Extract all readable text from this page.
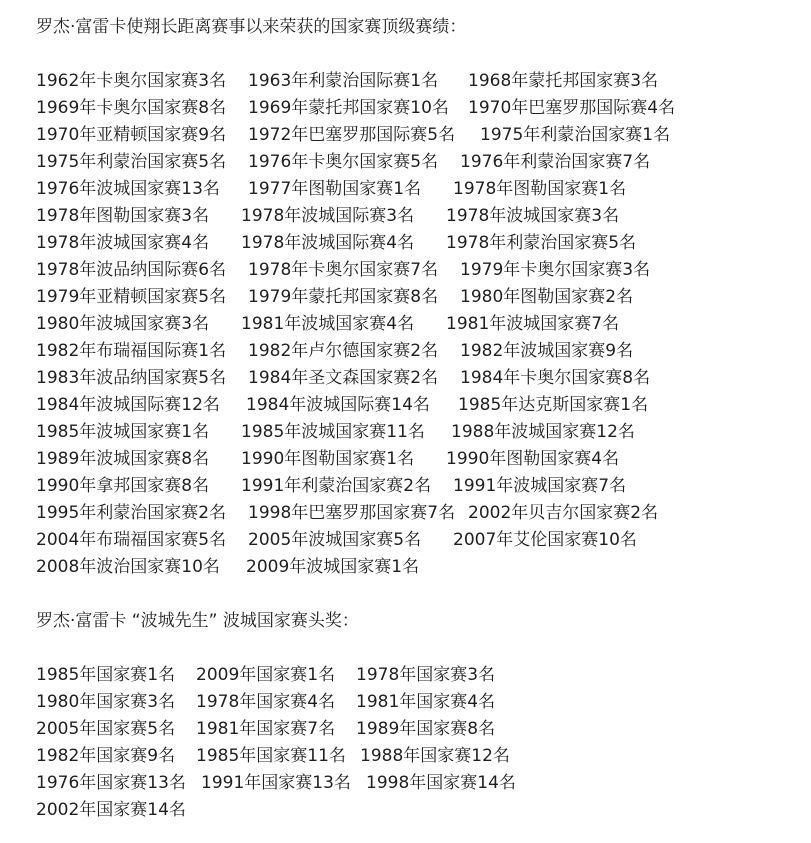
罗杰·富雷卡使翔长距离赛事以来荣获的国家赛顶级赛绩：
1962年卡奥尔国家赛3名 1963年利蒙治国际赛1名 1968年蒙托邦国家赛3名
1969年卡奥尔国家赛8名 1969年蒙托邦国家赛10名 1970年巴塞罗那国际赛4名
1970年亚精顿国家赛9名 1972年巴塞罗那国际赛5名 1975年利蒙治国家赛1名
1975年利蒙治国家赛5名 1976年卡奥尔国家赛5名 1976年利蒙治国家赛7名
1976年波城国家赛13名 1977年图勒国家赛1名 1978年图勒国家赛1名
1978年图勒国家赛3名 1978年波城国际赛3名 1978年波城国家赛3名
1978年波城国家赛4名 1978年波城国际赛4名 1978年利蒙治国家赛5名
1978年波品纳国际赛6名 1978年卡奥尔国家赛7名 1979年卡奥尔国家赛3名
1979年亚精顿国家赛5名 1979年蒙托邦国家赛8名 1980年图勒国家赛2名
1980年波城国家赛3名 1981年波城国家赛4名 1981年波城国家赛7名
1982年布瑞福国际赛1名 1982年卢尔德国家赛2名 1982年波城国家赛9名
1983年波品纳国家赛5名 1984年圣文森国家赛2名 1984年卡奥尔国家赛8名
1984年波城国际赛12名 1984年波城国际赛14名 1985年达克斯国家赛1名
1985年波城国家赛1名 1985年波城国家赛11名 1988年波城国家赛12名
1989年波城国家赛8名 1990年图勒国家赛1名 1990年图勒国家赛4名
1990年拿邦国家赛8名 1991年利蒙治国家赛2名 1991年波城国家赛7名
1995年利蒙治国家赛2名 1998年巴塞罗那国家赛7名 2002年贝吉尔国家赛2名
2004年布瑞福国家赛5名 2005年波城国家赛5名 2007年艾伦国家赛10名
2008年波治国家赛10名 2009年波城国家赛1名
罗杰·富雷卡 “波城先生” 波城国家赛头奖：
1985年国家赛1名 2009年国家赛1名 1978年国家赛3名
1980年国家赛3名 1978年国家赛4名 1981年国家赛4名
2005年国家赛5名 1981年国家赛7名 1989年国家赛8名
1982年国家赛9名 1985年国家赛11名 1988年国家赛12名
1976年国家赛13名 1991年国家赛13名 1998年国家赛14名
2002年国家赛14名
